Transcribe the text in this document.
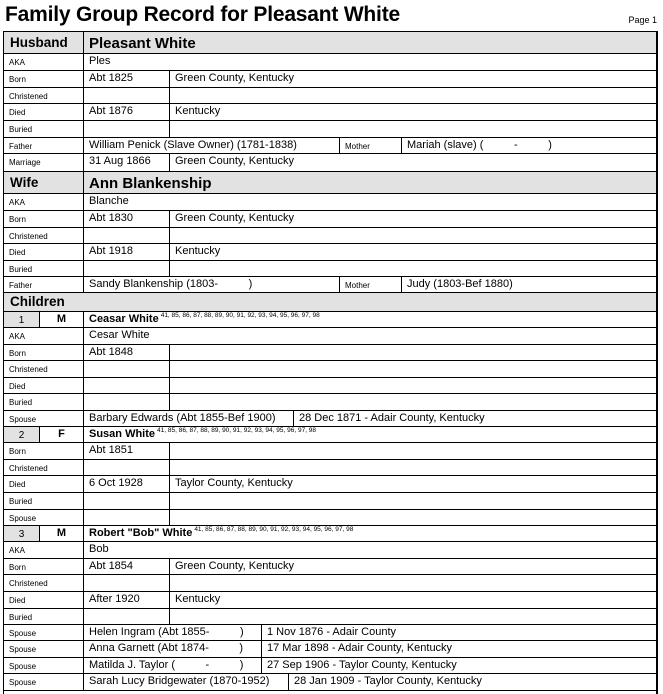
Family Group Record for Pleasant White	Page 1
Husband	Pleasant White
AKA	Ples
Born	Abt 1825	Green County, Kentucky
Christened
Died	Abt 1876	Kentucky
Buried
Father	William Penick (Slave Owner) (1781-1838)	Mother	Mariah (slave) (          -          )
Marriage	31 Aug 1866	Green County, Kentucky
Wife	Ann Blankenship
AKA	Blanche
Born	Abt 1830	Green County, Kentucky
Christened
Died	Abt 1918	Kentucky
Buried
Father	Sandy Blankenship (1803-          )	Mother	Judy (1803-Bef 1880)
Children
1	M	Ceasar White $^{41, 85, 86, 87, 88, 89, 90, 91, 92, 93, 94, 95, 96, 97, 98}$
AKA	Cesar White
Born	Abt 1848
Christened
Died
Buried
Spouse	Barbary Edwards (Abt 1855-Bef 1900)	28 Dec 1871 - Adair County, Kentucky
2	F	Susan White $^{41, 85, 86, 87, 88, 89, 90, 91, 92, 93, 94, 95, 96, 97, 98}$
Born	Abt 1851
Christened
Died	6 Oct 1928	Taylor County, Kentucky
Buried
Spouse
3	M	Robert "Bob" White $^{41, 85, 86, 87, 88, 89, 90, 91, 92, 93, 94, 95, 96, 97, 98}$
AKA	Bob
Born	Abt 1854	Green County, Kentucky
Christened
Died	After 1920	Kentucky
Buried
Spouse	Helen Ingram (Abt 1855-          )	1 Nov 1876 - Adair County
Spouse	Anna Garnett (Abt 1874-          )	17 Mar 1898 - Adair County, Kentucky
Spouse	Matilda J. Taylor (          -          )	27 Sep 1906 - Taylor County, Kentucky
Spouse	Sarah Lucy Bridgewater (1870-1952)	28 Jan 1909 - Taylor County, Kentucky
